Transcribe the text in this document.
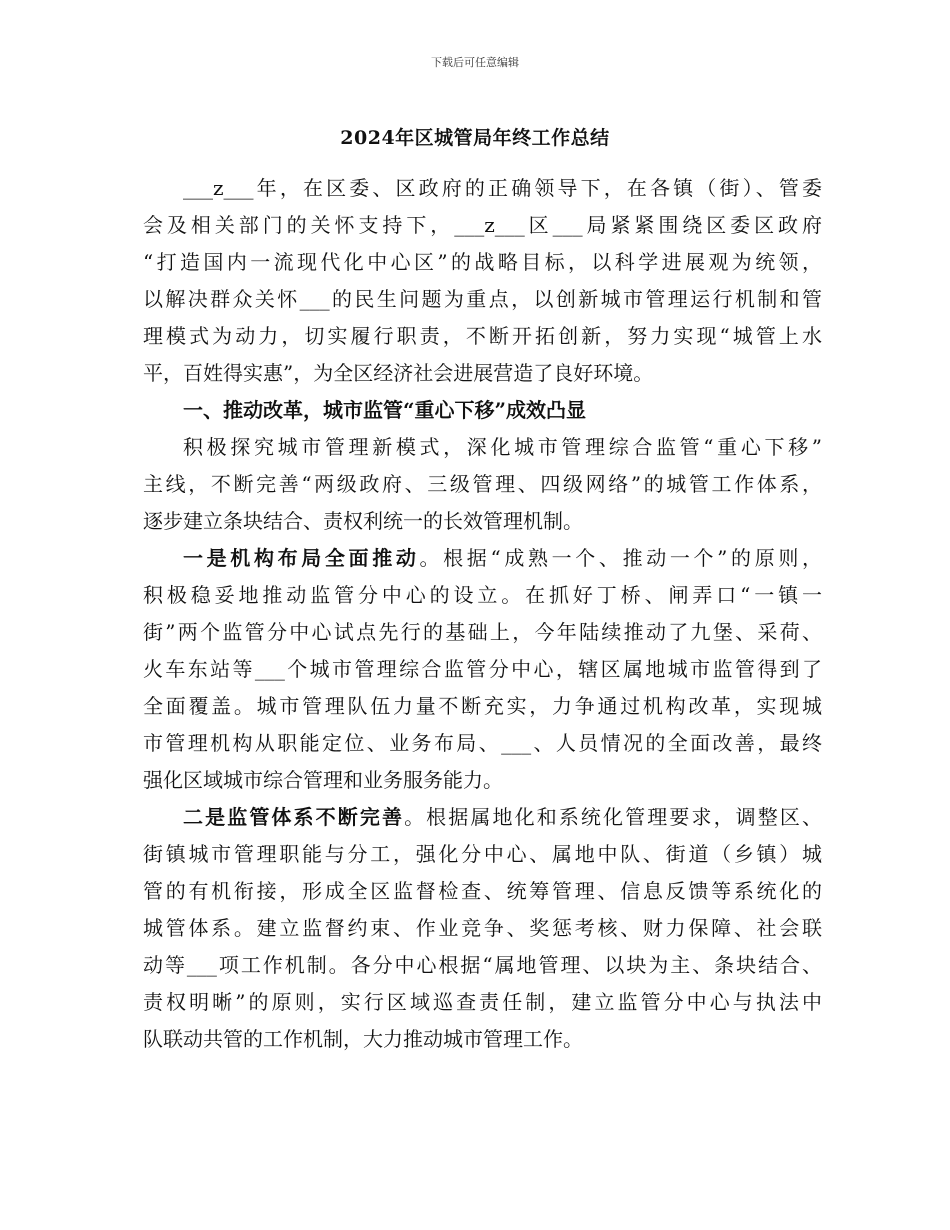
下载后可任意编辑
2024年区城管局年终工作总结
___z___年，在区委、区政府的正确领导下，在各镇（街）、管委
会及相关部门的关怀支持下，___z___区___局紧紧围绕区委区政府
“打造国内一流现代化中心区”的战略目标，以科学进展观为统领，
以解决群众关怀___的民生问题为重点，以创新城市管理运行机制和管
理模式为动力，切实履行职责，不断开拓创新，努力实现“城管上水
平，百姓得实惠”，为全区经济社会进展营造了良好环境。
一、推动改革，城市监管“重心下移”成效凸显
积极探究城市管理新模式，深化城市管理综合监管“重心下移”
主线，不断完善“两级政府、三级管理、四级网络”的城管工作体系，
逐步建立条块结合、责权利统一的长效管理机制。
一是机构布局全面推动。根据“成熟一个、推动一个”的原则，
积极稳妥地推动监管分中心的设立。在抓好丁桥、闸弄口“一镇一
街”两个监管分中心试点先行的基础上，今年陆续推动了九堡、采荷、
火车东站等___个城市管理综合监管分中心，辖区属地城市监管得到了
全面覆盖。城市管理队伍力量不断充实，力争通过机构改革，实现城
市管理机构从职能定位、业务布局、___、人员情况的全面改善，最终
强化区域城市综合管理和业务服务能力。
二是监管体系不断完善。根据属地化和系统化管理要求，调整区、
街镇城市管理职能与分工，强化分中心、属地中队、街道（乡镇）城
管的有机衔接，形成全区监督检查、统筹管理、信息反馈等系统化的
城管体系。建立监督约束、作业竞争、奖惩考核、财力保障、社会联
动等___项工作机制。各分中心根据“属地管理、以块为主、条块结合、
责权明晰”的原则，实行区域巡查责任制，建立监管分中心与执法中
队联动共管的工作机制，大力推动城市管理工作。
